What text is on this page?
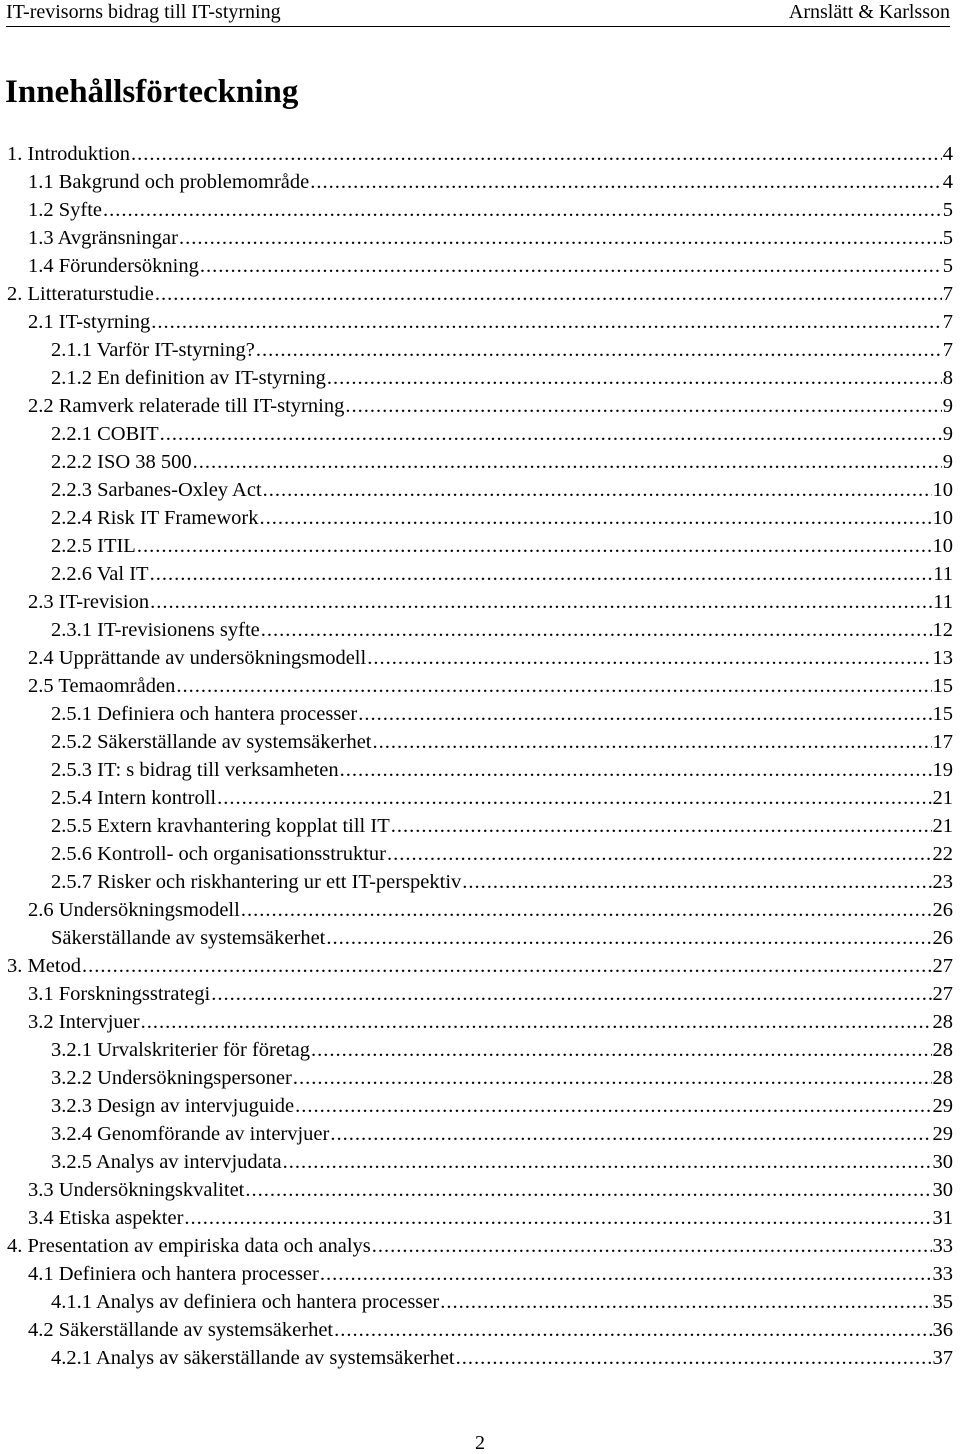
IT-revisorns bidrag till IT-styrning	Arnslätt & Karlsson
Innehållsförteckning
1. Introduktion .....	4
1.1 Bakgrund och problemområde .....	4
1.2 Syfte .....	5
1.3 Avgränsningar .....	5
1.4 Förundersökning .....	5
2. Litteraturstudie .....	7
2.1 IT-styrning .....	7
2.1.1 Varför IT-styrning? .....	7
2.1.2 En definition av IT-styrning .....	8
2.2 Ramverk relaterade till IT-styrning .....	9
2.2.1 COBIT .....	9
2.2.2 ISO 38 500 .....	9
2.2.3 Sarbanes-Oxley Act .....	10
2.2.4 Risk IT Framework .....	10
2.2.5 ITIL .....	10
2.2.6 Val IT .....	11
2.3 IT-revision .....	11
2.3.1 IT-revisionens syfte .....	12
2.4 Upprättande av undersökningsmodell .....	13
2.5 Temaområden .....	15
2.5.1 Definiera och hantera processer .....	15
2.5.2 Säkerställande av systemsäkerhet .....	17
2.5.3 IT: s bidrag till verksamheten .....	19
2.5.4 Intern kontroll .....	21
2.5.5 Extern kravhantering kopplat till IT .....	21
2.5.6 Kontroll- och organisationsstruktur .....	22
2.5.7 Risker och riskhantering ur ett IT-perspektiv .....	23
2.6 Undersökningsmodell .....	26
Säkerställande av systemsäkerhet .....	26
3. Metod .....	27
3.1 Forskningsstrategi .....	27
3.2 Intervjuer .....	28
3.2.1 Urvalskriterier för företag .....	28
3.2.2 Undersökningspersoner .....	28
3.2.3 Design av intervjuguide .....	29
3.2.4 Genomförande av intervjuer .....	29
3.2.5 Analys av intervjudata .....	30
3.3 Undersökningskvalitet .....	30
3.4 Etiska aspekter .....	31
4. Presentation av empiriska data och analys .....	33
4.1 Definiera och hantera processer .....	33
4.1.1 Analys av definiera och hantera processer .....	35
4.2 Säkerställande av systemsäkerhet .....	36
4.2.1 Analys av säkerställande av systemsäkerhet .....	37
2
